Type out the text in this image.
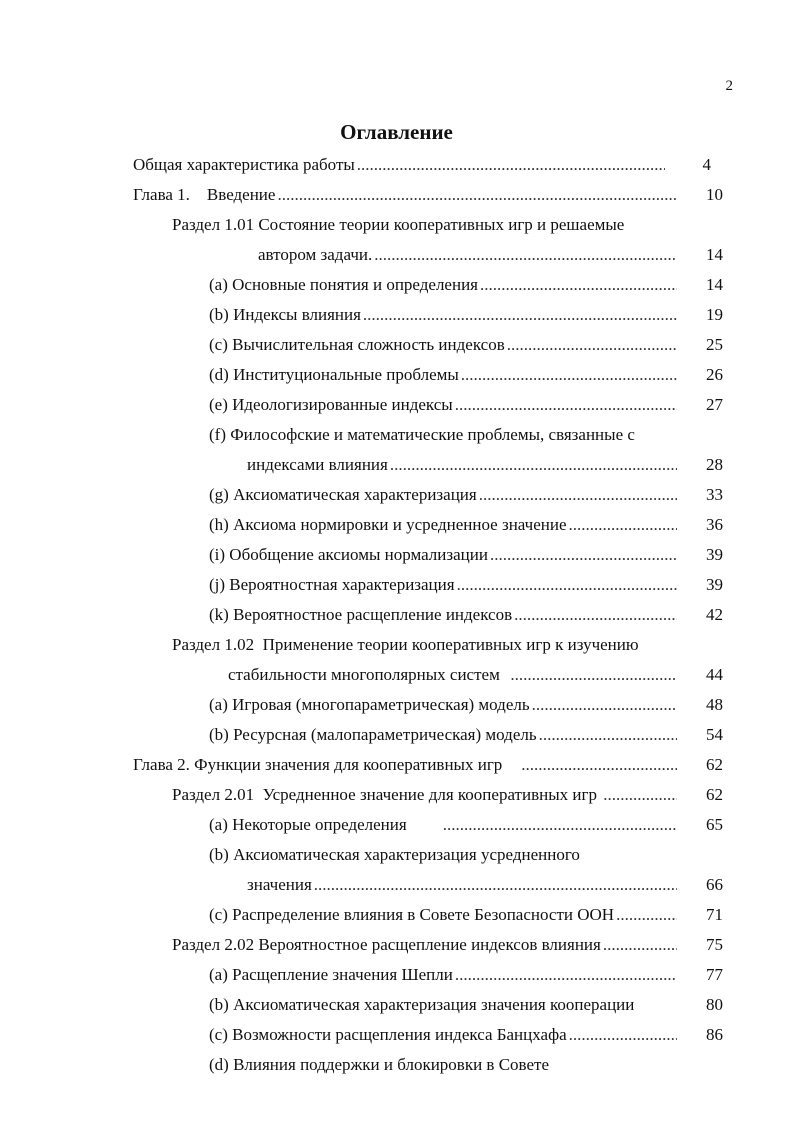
2
Оглавление
Общая характеристика работы .....	4
Глава 1.    Введение .....	10
Раздел 1.01 Состояние теории кооперативных игр и решаемые
автором задачи. .....	14
(a) Основные понятия и определения .....	14
(b) Индексы влияния .....	19
(c) Вычислительная сложность индексов .....	25
(d) Институциональные проблемы .....	26
(e) Идеологизированные индексы .....	27
(f) Философские и математические проблемы, связанные с
индексами влияния .....	28
(g) Аксиоматическая характеризация .....	33
(h) Аксиома нормировки и усредненное значение .....	36
(i) Обобщение аксиомы нормализации .....	39
(j) Вероятностная характеризация .....	39
(k) Вероятностное расщепление индексов .....	42
Раздел 1.02  Применение теории кооперативных игр к изучению
стабильности многополярных систем .....	44
(a) Игровая (многопараметрическая) модель .....	48
(b) Ресурсная (малопараметрическая) модель .....	54
Глава 2. Функции значения для кооперативных игр .....	62
Раздел 2.01  Усредненное значение для кооперативных игр .....	62
(a) Некоторые определения .....	65
(b) Аксиоматическая характеризация усредненного
значения .....	66
(c) Распределение влияния в Совете Безопасности ООН .....	71
Раздел 2.02 Вероятностное расщепление индексов влияния .....	75
(a) Расщепление значения Шепли .....	77
(b) Аксиоматическая характеризация значения кооперации	80
(c) Возможности расщепления индекса Банцхафа .....	86
(d) Влияния поддержки и блокировки в Совете
